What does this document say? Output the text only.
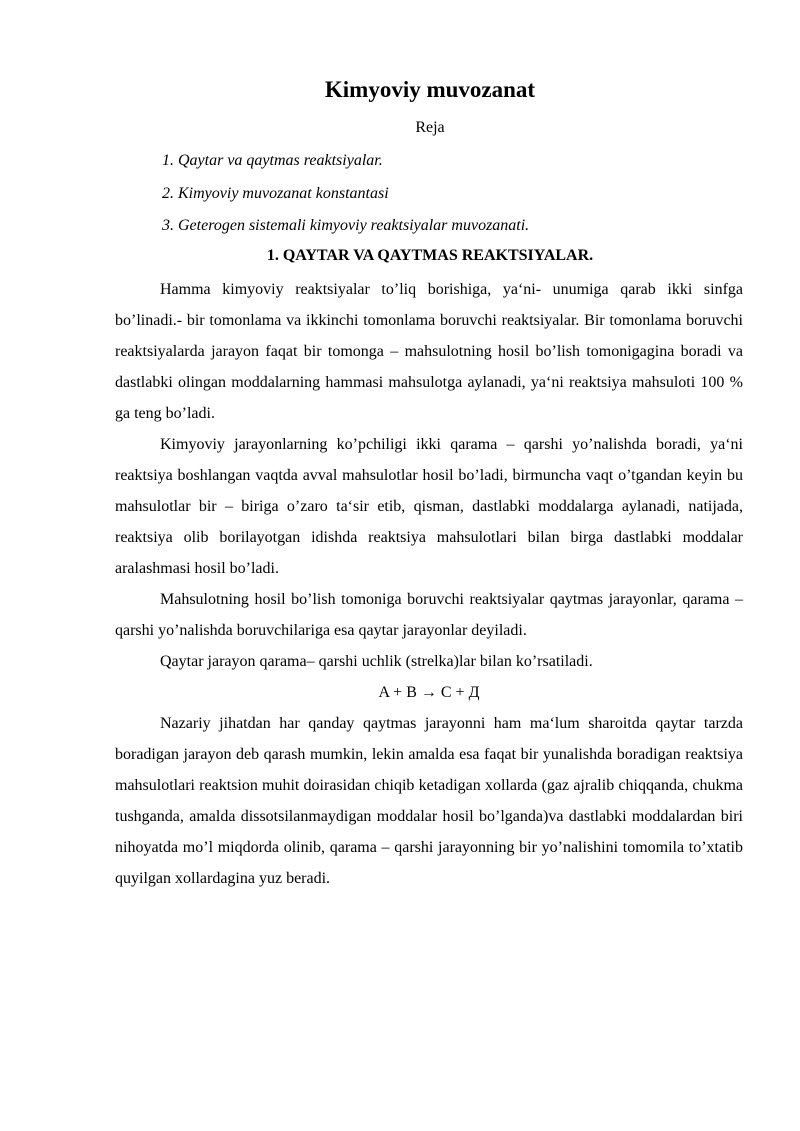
Kimyoviy muvozanat
Reja
1. Qaytar va qaytmas reaktsiyalar.
2. Kimyoviy muvozanat konstantasi
3. Geterogen sistemali kimyoviy reaktsiyalar muvozanati.
1. QAYTAR VA QAYTMAS REAKTSIYALAR.

Hamma kimyoviy reaktsiyalar to’liq borishiga, ya‘ni- unumiga qarab ikki sinfga bo’linadi.- bir tomonlama va ikkinchi tomonlama boruvchi reaktsiyalar. Bir tomonlama boruvchi reaktsiyalarda jarayon faqat bir tomonga – mahsulotning hosil bo’lish tomonigagina boradi va dastlabki olingan moddalarning hammasi mahsulotga aylanadi, ya‘ni reaktsiya mahsuloti 100 % ga teng bo’ladi.

Kimyoviy jarayonlarning ko’pchiligi ikki qarama – qarshi yo’nalishda boradi, ya‘ni reaktsiya boshlangan vaqtda avval mahsulotlar hosil bo’ladi, birmuncha vaqt o’tgandan keyin bu mahsulotlar bir – biriga o’zaro ta‘sir etib, qisman, dastlabki moddalarga aylanadi, natijada, reaktsiya olib borilayotgan idishda reaktsiya mahsulotlari bilan birga dastlabki moddalar aralashmasi hosil bo’ladi.

Mahsulotning hosil bo’lish tomoniga boruvchi reaktsiyalar qaytmas jarayonlar, qarama – qarshi yo’nalishda boruvchilariga esa qaytar jarayonlar deyiladi.

Qaytar jarayon qarama– qarshi uchlik (strelka)lar bilan ko’rsatiladi.

A + B → C + Д

Nazariy jihatdan har qanday qaytmas jarayonni ham ma‘lum sharoitda qaytar tarzda boradigan jarayon deb qarash mumkin, lekin amalda esa faqat bir yunalishda boradigan reaktsiya mahsulotlari reaktsion muhit doirasidan chiqib ketadigan xollarda (gaz ajralib chiqqanda, chukma tushganda, amalda dissotsilanmaydigan moddalar hosil bo’lganda)va dastlabki moddalardan biri nihoyatda mo’l miqdorda olinib, qarama – qarshi jarayonning bir yo’nalishini tomomila to’xtatib quyilgan xollardagina yuz beradi.
